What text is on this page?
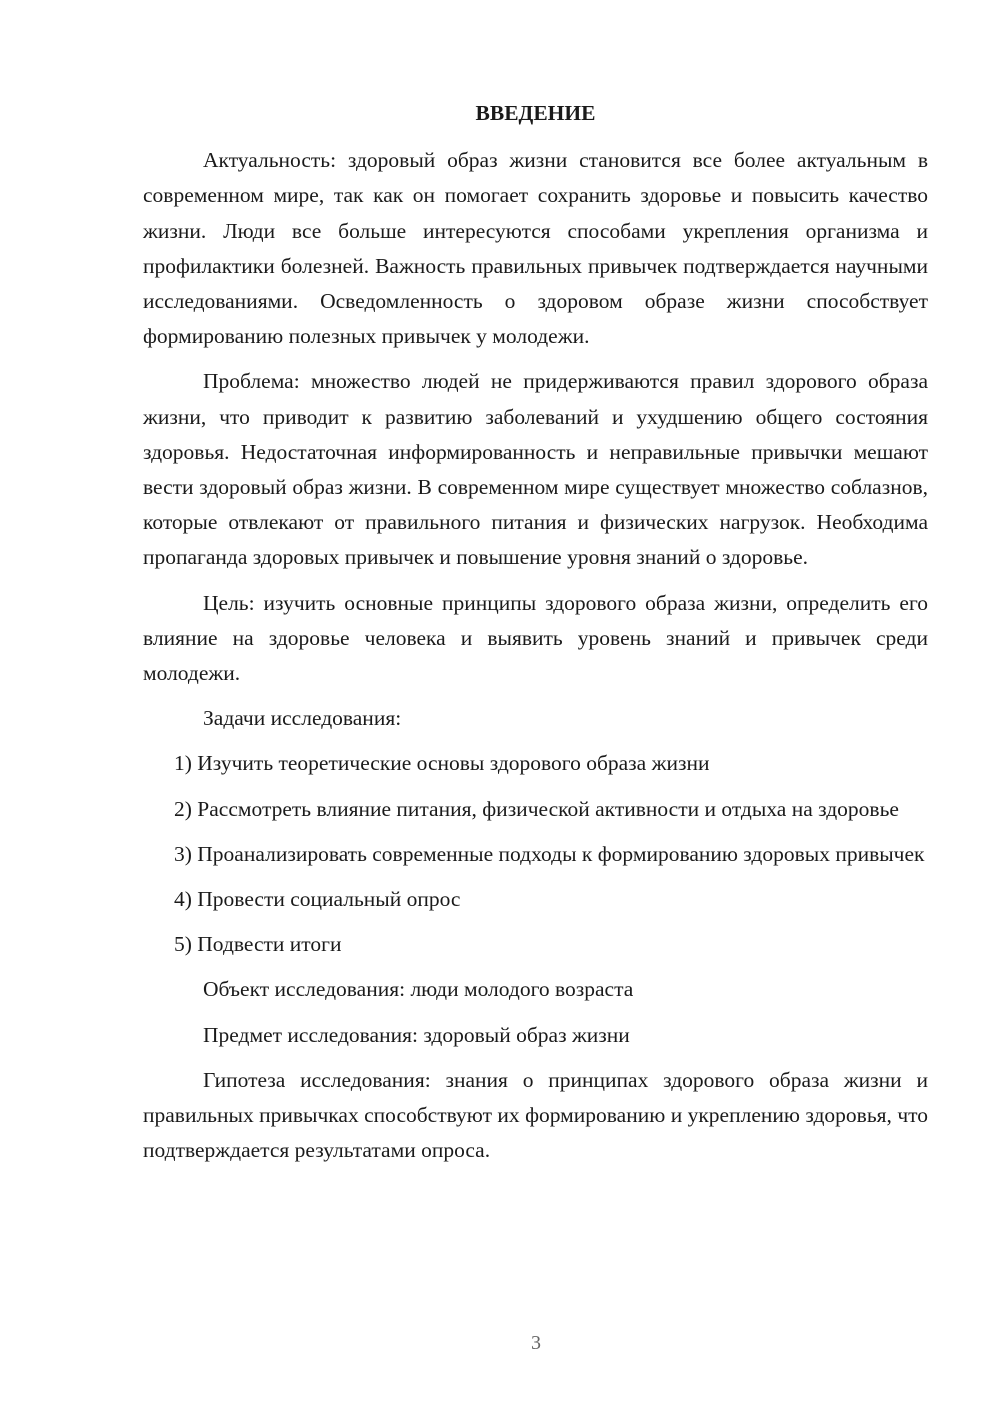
ВВЕДЕНИЕ

Актуальность: здоровый образ жизни становится все более актуальным в современном мире, так как он помогает сохранить здоровье и повысить качество жизни. Люди все больше интересуются способами укрепления организма и профилактики болезней. Важность правильных привычек подтверждается научными исследованиями. Осведомленность о здоровом образе жизни способствует формированию полезных привычек у молодежи.

Проблема: множество людей не придерживаются правил здорового образа жизни, что приводит к развитию заболеваний и ухудшению общего состояния здоровья. Недостаточная информированность и неправильные привычки мешают вести здоровый образ жизни. В современном мире существует множество соблазнов, которые отвлекают от правильного питания и физических нагрузок. Необходима пропаганда здоровых привычек и повышение уровня знаний о здоровье.

Цель: изучить основные принципы здорового образа жизни, определить его влияние на здоровье человека и выявить уровень знаний и привычек среди молодежи.

Задачи исследования:

1) Изучить теоретические основы здорового образа жизни

2) Рассмотреть влияние питания, физической активности и отдыха на здоровье

3) Проанализировать современные подходы к формированию здоровых привычек

4) Провести социальный опрос

5) Подвести итоги

Объект исследования: люди молодого возраста

Предмет исследования: здоровый образ жизни

Гипотеза исследования: знания о принципах здорового образа жизни и правильных привычках способствуют их формированию и укреплению здоровья, что подтверждается результатами опроса.

3
